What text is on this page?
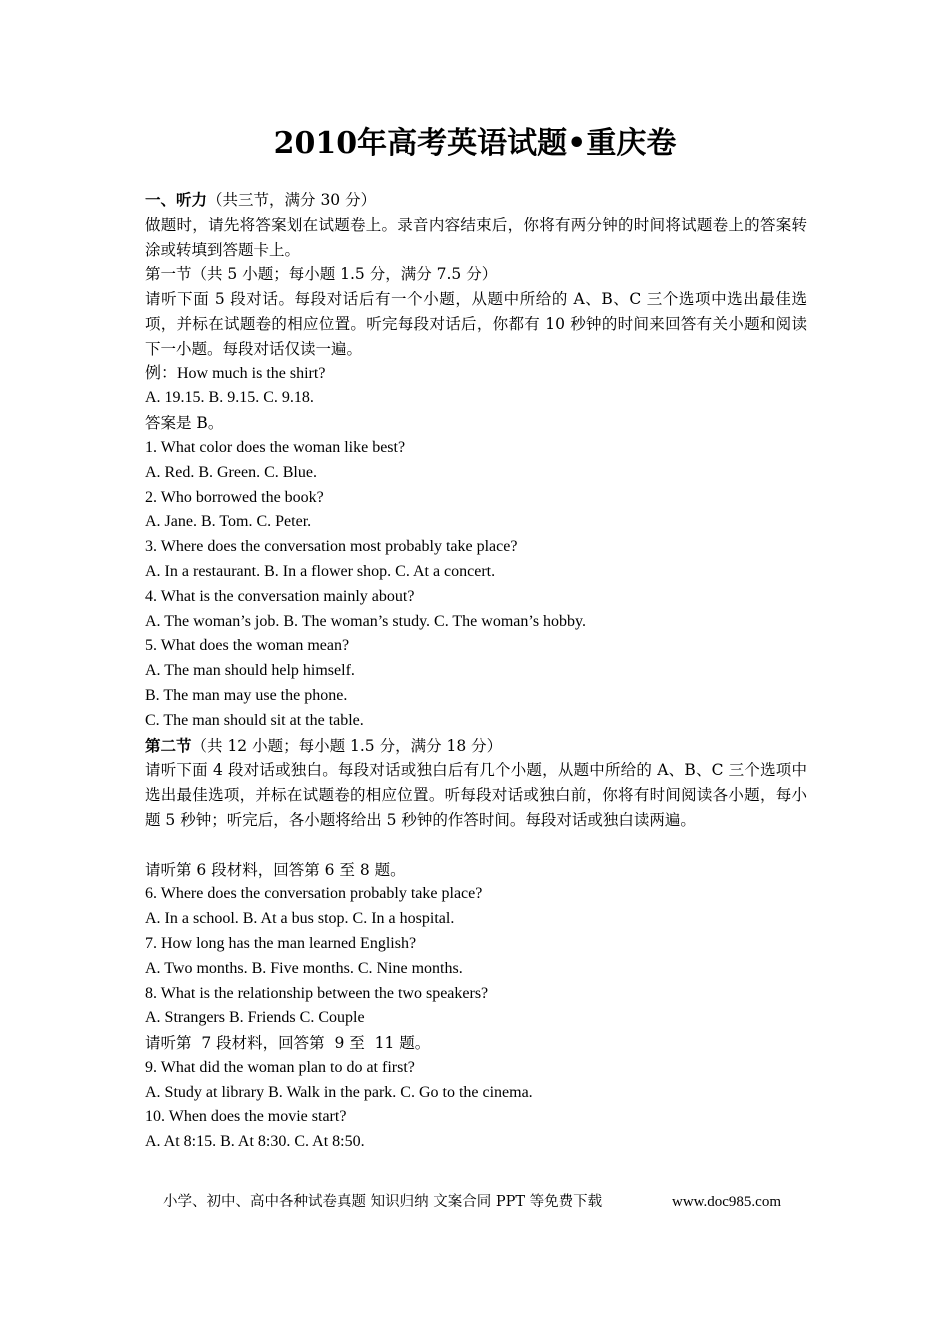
2010年高考英语试题•重庆卷
一、听力（共三节，满分 30 分）

做题时，请先将答案划在试题卷上。录音内容结束后，你将有两分钟的时间将试题卷上的答案转涂或转填到答题卡上。

第一节（共 5 小题；每小题 1.5 分，满分 7.5 分）

请听下面 5 段对话。每段对话后有一个小题，从题中所给的 A、B、C 三个选项中选出最佳选项，并标在试题卷的相应位置。听完每段对话后，你都有 10 秒钟的时间来回答有关小题和阅读下一小题。每段对话仅读一遍。

例：How much is the shirt?
A. 19.15. B. 9.15. C. 9.18.
答案是 B。
1. What color does the woman like best?
A. Red. B. Green. C. Blue.
2. Who borrowed the book?
A. Jane. B. Tom. C. Peter.
3. Where does the conversation most probably take place?
A. In a restaurant. B. In a flower shop. C. At a concert.
4. What is the conversation mainly about?
A. The woman’s job. B. The woman’s study. C. The woman’s hobby.
5. What does the woman mean?
A. The man should help himself.
B. The man may use the phone.
C. The man should sit at the table.
第二节（共 12 小题；每小题 1.5 分，满分 18 分）

请听下面 4 段对话或独白。每段对话或独白后有几个小题，从题中所给的 A、B、C 三个选项中选出最佳选项，并标在试题卷的相应位置。听每段对话或独白前，你将有时间阅读各小题，每小题 5 秒钟；听完后，各小题将给出 5 秒钟的作答时间。每段对话或独白读两遍。

请听第 6 段材料，回答第 6 至 8 题。
6. Where does the conversation probably take place?
A. In a school. B. At a bus stop. C. In a hospital.
7. How long has the man learned English?
A. Two months. B. Five months. C. Nine months.
8. What is the relationship between the two speakers?
A. Strangers B. Friends C. Couple
请听第  7 段材料，回答第  9 至  11 题。
9. What did the woman plan to do at first?
A. Study at library B. Walk in the park. C. Go to the cinema.
10. When does the movie start?
A. At 8:15. B. At 8:30. C. At 8:50.
小学、初中、高中各种试卷真题 知识归纳 文案合同 PPT 等免费下载	www.doc985.com
